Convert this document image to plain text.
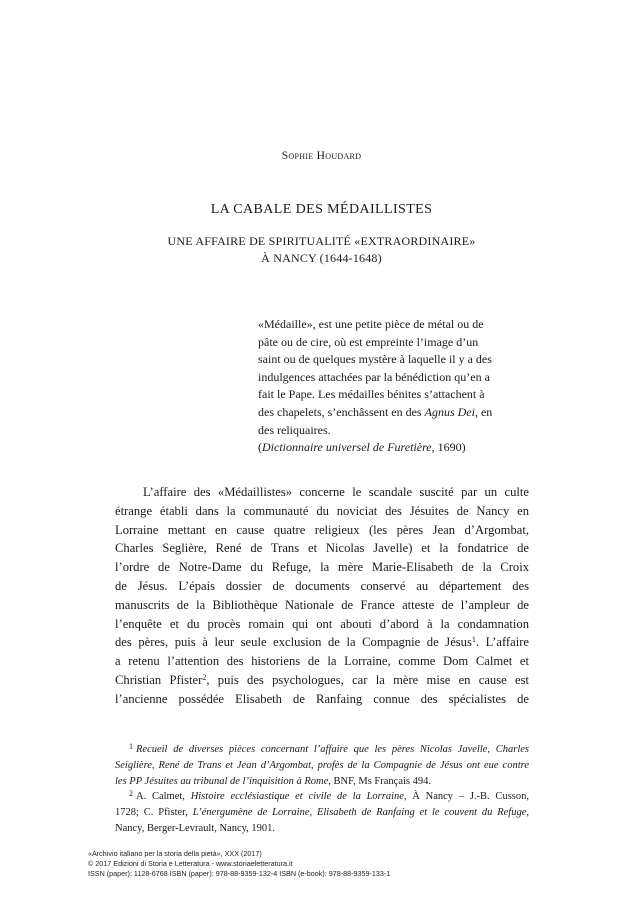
Sophie Houdard
LA CABALE DES MÉDAILLISTES
UNE AFFAIRE DE SPIRITUALITÉ «EXTRAORDINAIRE»
À NANCY (1644-1648)
«Médaille», est une petite pièce de métal ou de
pâte ou de cire, où est empreinte l’image d’un
saint ou de quelques mystère à laquelle il y a des
indulgences attachées par la bénédiction qu’en a
fait le Pape. Les médailles bénites s’attachent à
des chapelets, s’enchâssent en des Agnus Dei, en
des reliquaires.
(Dictionnaire universel de Furetière, 1690)
L’affaire des «Médaillistes» concerne le scandale suscité par un culte
étrange établi dans la communauté du noviciat des Jésuites de Nancy en
Lorraine mettant en cause quatre religieux (les pères Jean d’Argombat,
Charles Seglière, René de Trans et Nicolas Javelle) et la fondatrice de
l’ordre de Notre-Dame du Refuge, la mère Marie-Elisabeth de la Croix
de Jésus. L’épais dossier de documents conservé au département des
manuscrits de la Bibliothèque Nationale de France atteste de l’ampleur de
l’enquête et du procès romain qui ont abouti d’abord à la condamnation
des pères, puis à leur seule exclusion de la Compagnie de Jésus$^1$. L’affaire
a retenu l’attention des historiens de la Lorraine, comme Dom Calmet et
Christian Pfister$^2$, puis des psychologues, car la mère mise en cause est
l’ancienne possédée Elisabeth de Ranfaing connue des spécialistes de
$^1$ Recueil de diverses pièces concernant l’affaire que les pères Nicolas Javelle, Charles
Seiglière, René de Trans et Jean d’Argombat, profès de la Compagnie de Jésus ont eue contre
les PP Jésuites au tribunal de l’inquisition à Rome, BNF, Ms Français 494.
$^2$ A. Calmet, Histoire ecclésiastique et civile de la Lorraine, À Nancy – J.-B. Cusson,
1728; C. Pfister, L’énergumène de Lorraine, Elisabeth de Ranfaing et le couvent du Refuge,
Nancy, Berger-Levrault, Nancy, 1901.
«Archivio italiano per la storia della pietà», XXX (2017)
© 2017 Edizioni di Storia e Letteratura - www.storiaeletteratura.it
ISSN (paper): 1128-6768 ISBN (paper): 978-88-9359-132-4 ISBN (e-book): 978-88-9359-133-1
